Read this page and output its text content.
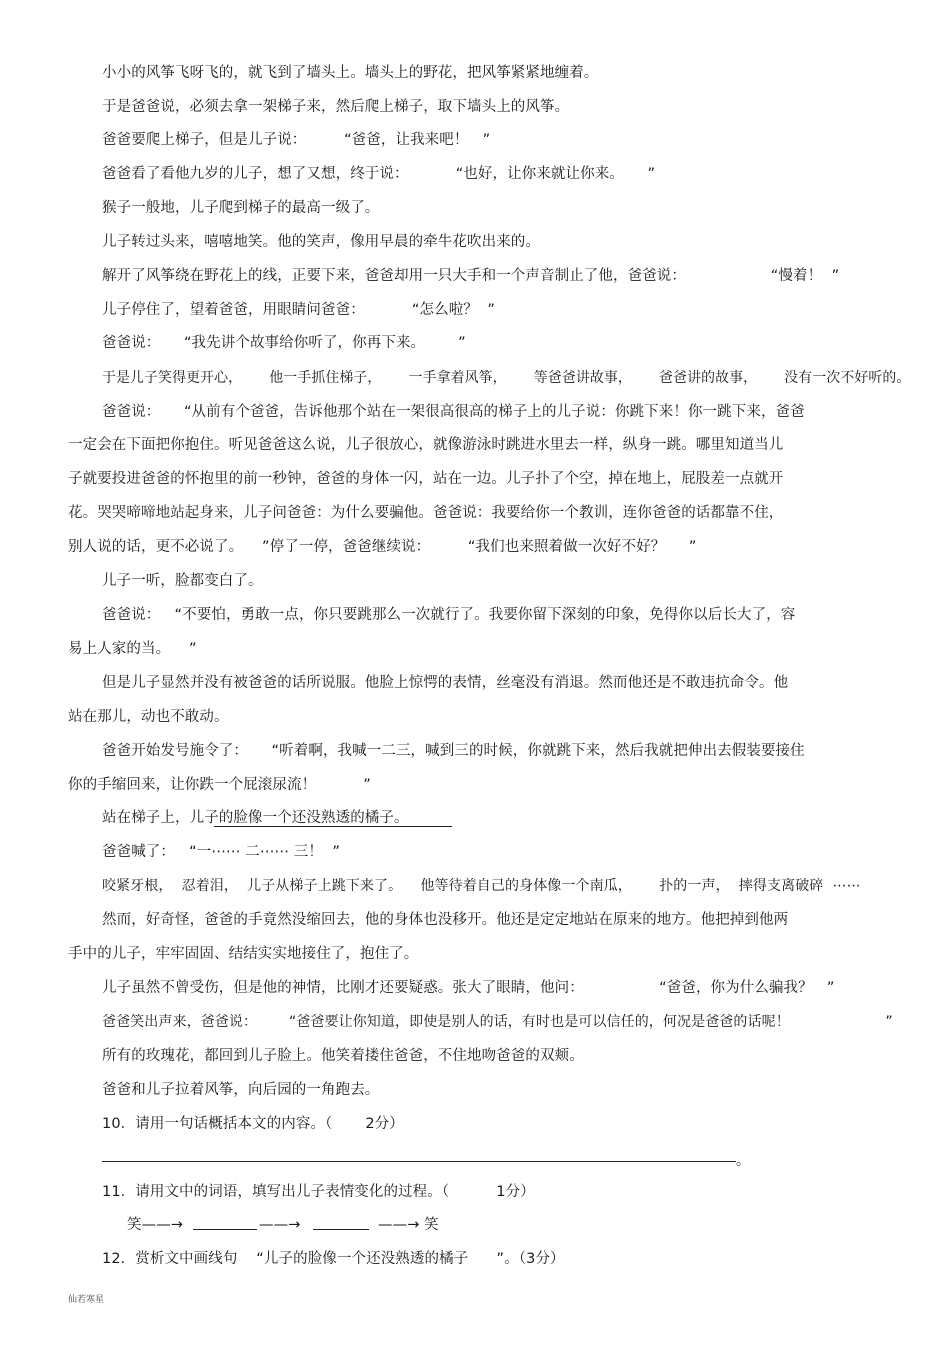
小小的风筝飞呀飞的，就飞到了墙头上。墙头上的野花，把风筝紧紧地缠着。
于是爸爸说，必须去拿一架梯子来，然后爬上梯子，取下墙头上的风筝。
爸爸要爬上梯子，但是儿子说：        “爸爸，让我来吧！   ”
爸爸看了看他九岁的儿子，想了又想，终于说：          “也好，让你来就让你来。     ”
猴子一般地，儿子爬到梯子的最高一级了。
儿子转过头来，嘻嘻地笑。他的笑声，像用早晨的牵牛花吹出来的。
解开了风筝绕在野花上的线，正要下来，爸爸却用一只大手和一个声音制止了他，爸爸说：                  “慢着！  ”
儿子停住了，望着爸爸，用眼睛问爸爸：          “怎么啦？  ”
爸爸说：     “我先讲个故事给你听了，你再下来。       ”
于是儿子笑得更开心，      他一手抓住梯子，      一手拿着风筝，      等爸爸讲故事，      爸爸讲的故事，      没有一次不好听的。
爸爸说：     “从前有个爸爸，告诉他那个站在一架很高很高的梯子上的儿子说：你跳下来！你一跳下来，爸爸
一定会在下面把你抱住。听见爸爸这么说，儿子很放心，就像游泳时跳进水里去一样，纵身一跳。哪里知道当儿
子就要投进爸爸的怀抱里的前一秒钟，爸爸的身体一闪，站在一边。儿子扑了个空，掉在地上，屁股差一点就开
花。哭哭啼啼地站起身来，儿子问爸爸：为什么要骗他。爸爸说：我要给你一个教训，连你爸爸的话都靠不住，
别人说的话，更不必说了。    ”停了一停，爸爸继续说：        “我们也来照着做一次好不好？     ”
儿子一听，脸都变白了。
爸爸说：   “不要怕，勇敢一点，你只要跳那么一次就行了。我要你留下深刻的印象，免得你以后长大了，容
易上人家的当。    ”
但是儿子显然并没有被爸爸的话所说服。他脸上惊愕的表情，丝毫没有消退。然而他还是不敢违抗命令。他
站在那儿，动也不敢动。
爸爸开始发号施令了：     “听着啊，我喊一二三，喊到三的时候，你就跳下来，然后我就把伸出去假装要接住
你的手缩回来，让你跌一个屁滚尿流！          ”
站在梯子上，儿子的脸像一个还没熟透的橘子。
爸爸喊了：   “一⋯⋯ 二⋯⋯ 三！  ”
咬紧牙根，  忍着泪，  儿子从梯子上跳下来了。    他等待着自己的身体像一个南瓜，      扑的一声，  摔得支离破碎  ⋯⋯
然而，好奇怪，爸爸的手竟然没缩回去，他的身体也没移开。他还是定定地站在原来的地方。他把掉到他两
手中的儿子，牢牢固固、结结实实地接住了，抱住了。
儿子虽然不曾受伤，但是他的神情，比刚才还要疑惑。张大了眼睛，他问：                “爸爸，你为什么骗我？   ”
爸爸笑出声来，爸爸说：       “爸爸要让你知道，即使是别人的话，有时也是可以信任的，何况是爸爸的话呢！                     ”
所有的玫瑰花，都回到儿子脸上。他笑着搂住爸爸，不住地吻爸爸的双颊。
爸爸和儿子拉着风筝，向后园的一角跑去。
10．请用一句话概括本文的内容。（       2分）
。
11．请用文中的词语，填写出儿子表情变化的过程。（          1分）
笑——→	——→	——→ 笑
12．赏析文中画线句    “儿子的脸像一个还没熟透的橘子      ”。（3分）
仙若寒星
